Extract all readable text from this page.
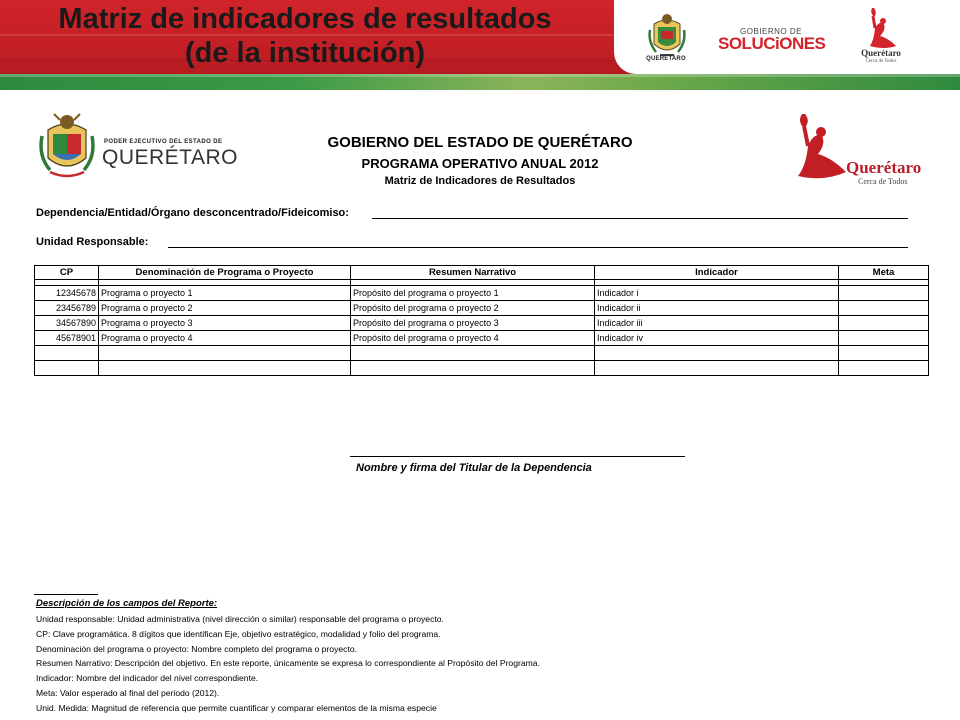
Matriz de indicadores de resultados
(de la institución)	QUERÉTARO
GOBIERNO DE
SOLUCiONES	Querétaro
Cerca de Todos
PODER EJECUTIVO DEL ESTADO DE
QUERÉTARO
GOBIERNO DEL ESTADO DE QUERÉTARO
PROGRAMA OPERATIVO ANUAL 2012
Matriz de Indicadores de Resultados
Querétaro
Cerca de Todos
Dependencia/Entidad/Órgano desconcentrado/Fideicomiso:
Unidad Responsable:
CP	Denominación de Programa o Proyecto	Resumen Narrativo	Indicador	Meta

12345678	Programa o proyecto 1	Propósito del programa o proyecto 1	Indicador i	
23456789	Programa o proyecto 2	Propósito del programa o proyecto 2	Indicador ii	
34567890	Programa o proyecto 3	Propósito del programa o proyecto 3	Indicador iii	
45678901	Programa o proyecto 4	Propósito del programa o proyecto 4	Indicador iv	

Nombre y firma del Titular de la Dependencia
Descripción de los campos del Reporte:
Unidad responsable: Unidad administrativa (nivel dirección o similar) responsable del programa o proyecto.
CP: Clave programática. 8 dígitos que identifican Eje, objetivo estratégico, modalidad y folio del programa.
Denominación del programa o proyecto: Nombre completo del programa o proyecto.
Resumen Narrativo: Descripción del objetivo. En este reporte, únicamente se expresa lo correspondiente al Propósito del Programa.
Indicador: Nombre del indicador del nivel correspondiente.
Meta: Valor esperado al final del periodo (2012).
Unid. Medida: Magnitud de referencia que permite cuantificar y comparar elementos de la misma especie
